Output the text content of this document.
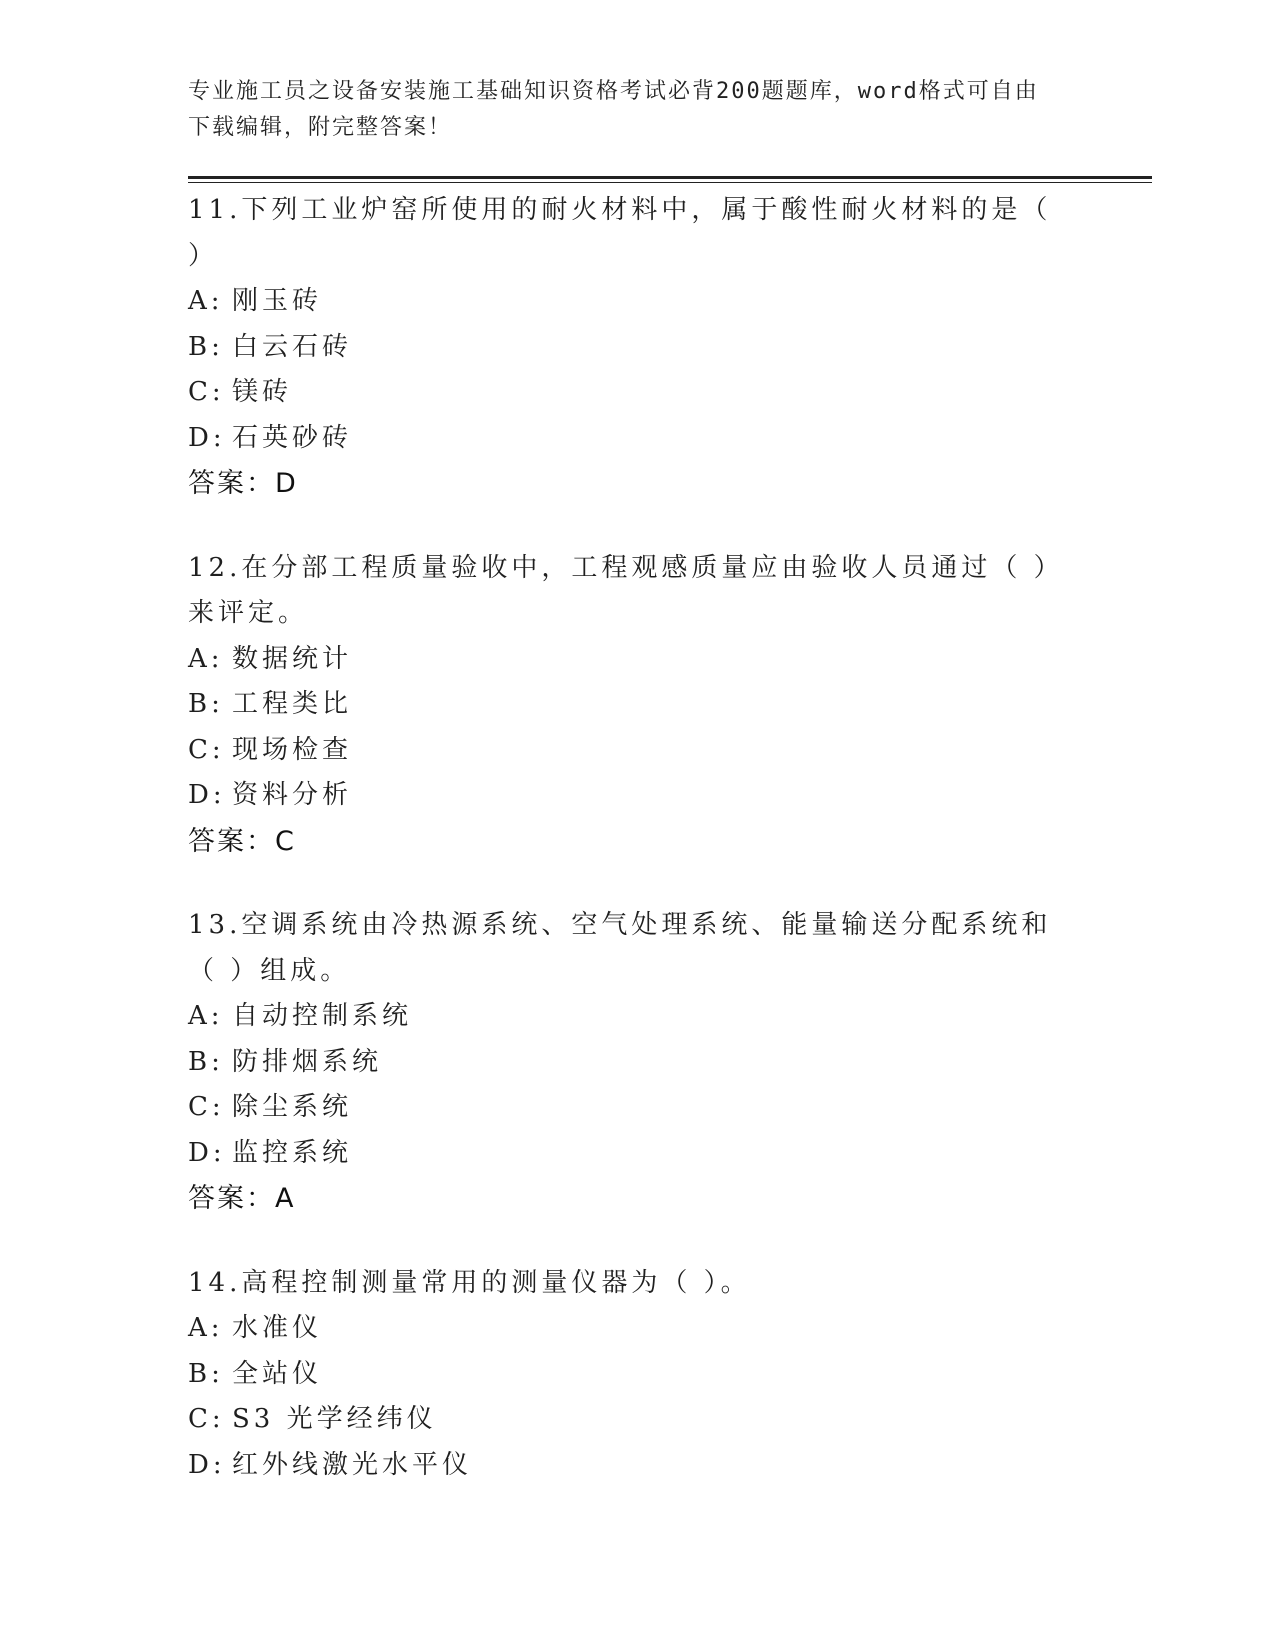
专业施工员之设备安装施工基础知识资格考试必背200题题库，word格式可自由
下载编辑，附完整答案！

11.下列工业炉窑所使用的耐火材料中，属于酸性耐火材料的是（ ）

A: 刚玉砖

B: 白云石砖

C: 镁砖

D: 石英砂砖

答案：D

12.在分部工程质量验收中，工程观感质量应由验收人员通过（ ）来评定。

A: 数据统计

B: 工程类比

C: 现场检查

D: 资料分析

答案：C

13.空调系统由冷热源系统、空气处理系统、能量输送分配系统和（ ）组成。

A: 自动控制系统

B: 防排烟系统

C: 除尘系统

D: 监控系统

答案：A

14.高程控制测量常用的测量仪器为（ ）。

A: 水准仪

B: 全站仪

C: S3 光学经纬仪

D: 红外线激光水平仪
